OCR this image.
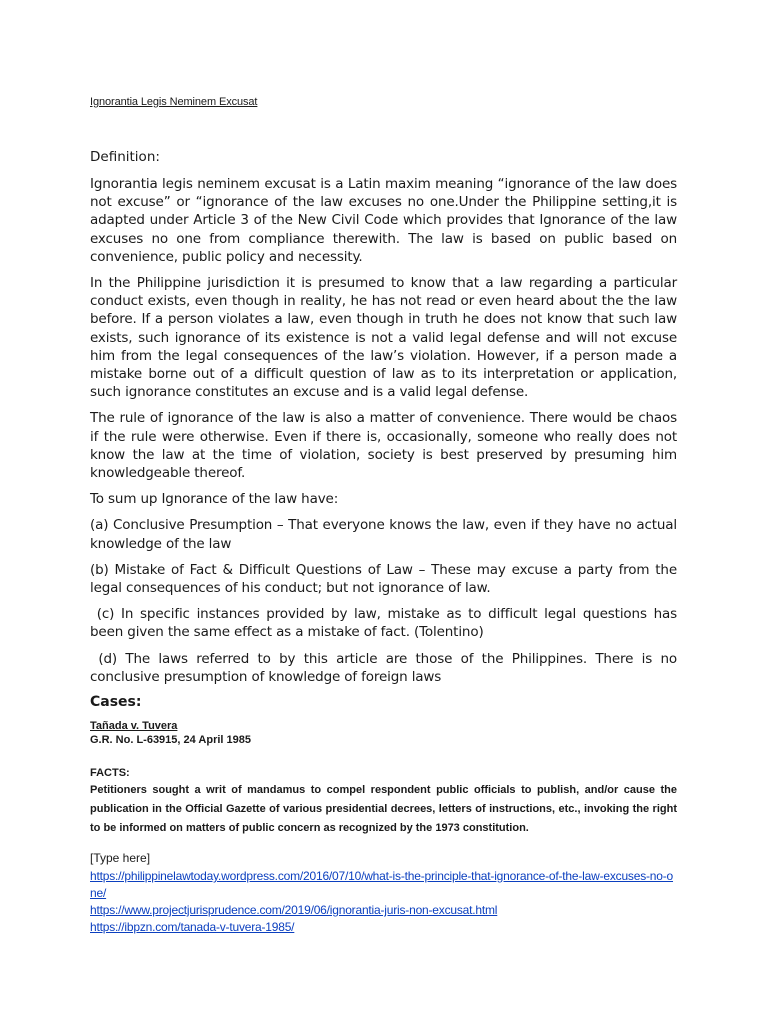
Ignorantia Legis Neminem Excusat
Definition:

Ignorantia legis neminem excusat is a Latin maxim meaning “ignorance of the law does not excuse” or “ignorance of the law excuses no one.Under the Philippine setting,it is adapted under Article 3 of the New Civil Code which provides that Ignorance of the law excuses no one from compliance therewith. The law is based on public based on convenience, public policy and necessity.

In the Philippine jurisdiction it is presumed to know that a law regarding a particular conduct exists, even though in reality, he has not read or even heard about the the law before. If a person violates a law, even though in truth he does not know that such law exists, such ignorance of its existence is not a valid legal defense and will not excuse him from the legal consequences of the law’s violation. However, if a person made a mistake borne out of a difficult question of law as to its interpretation or application, such ignorance constitutes an excuse and is a valid legal defense.

The rule of ignorance of the law is also a matter of convenience. There would be chaos if the rule were otherwise. Even if there is, occasionally, someone who really does not know the law at the time of violation, society is best preserved by presuming him knowledgeable thereof.

To sum up Ignorance of the law have:

(a) Conclusive Presumption – That everyone knows the law, even if they have no actual knowledge of the law

(b) Mistake of Fact & Difficult Questions of Law – These may excuse a party from the legal consequences of his conduct; but not ignorance of law.

(c) In specific instances provided by law, mistake as to difficult legal questions has been given the same effect as a mistake of fact. (Tolentino)

(d) The laws referred to by this article are those of the Philippines. There is no conclusive presumption of knowledge of foreign laws

Cases:
Tañada v. Tuvera
G.R. No. L-63915, 24 April 1985
FACTS:
Petitioners sought a writ of mandamus to compel respondent public officials to publish, and/or cause the publication in the Official Gazette of various presidential decrees, letters of instructions, etc., invoking the right to be informed on matters of public concern as recognized by the 1973 constitution.
[Type here]
https://philippinelawtoday.wordpress.com/2016/07/10/what-is-the-principle-that-ignorance-of-the-law-excuses-no-one/
https://www.projectjurisprudence.com/2019/06/ignorantia-juris-non-excusat.html
https://ibpzn.com/tanada-v-tuvera-1985/
